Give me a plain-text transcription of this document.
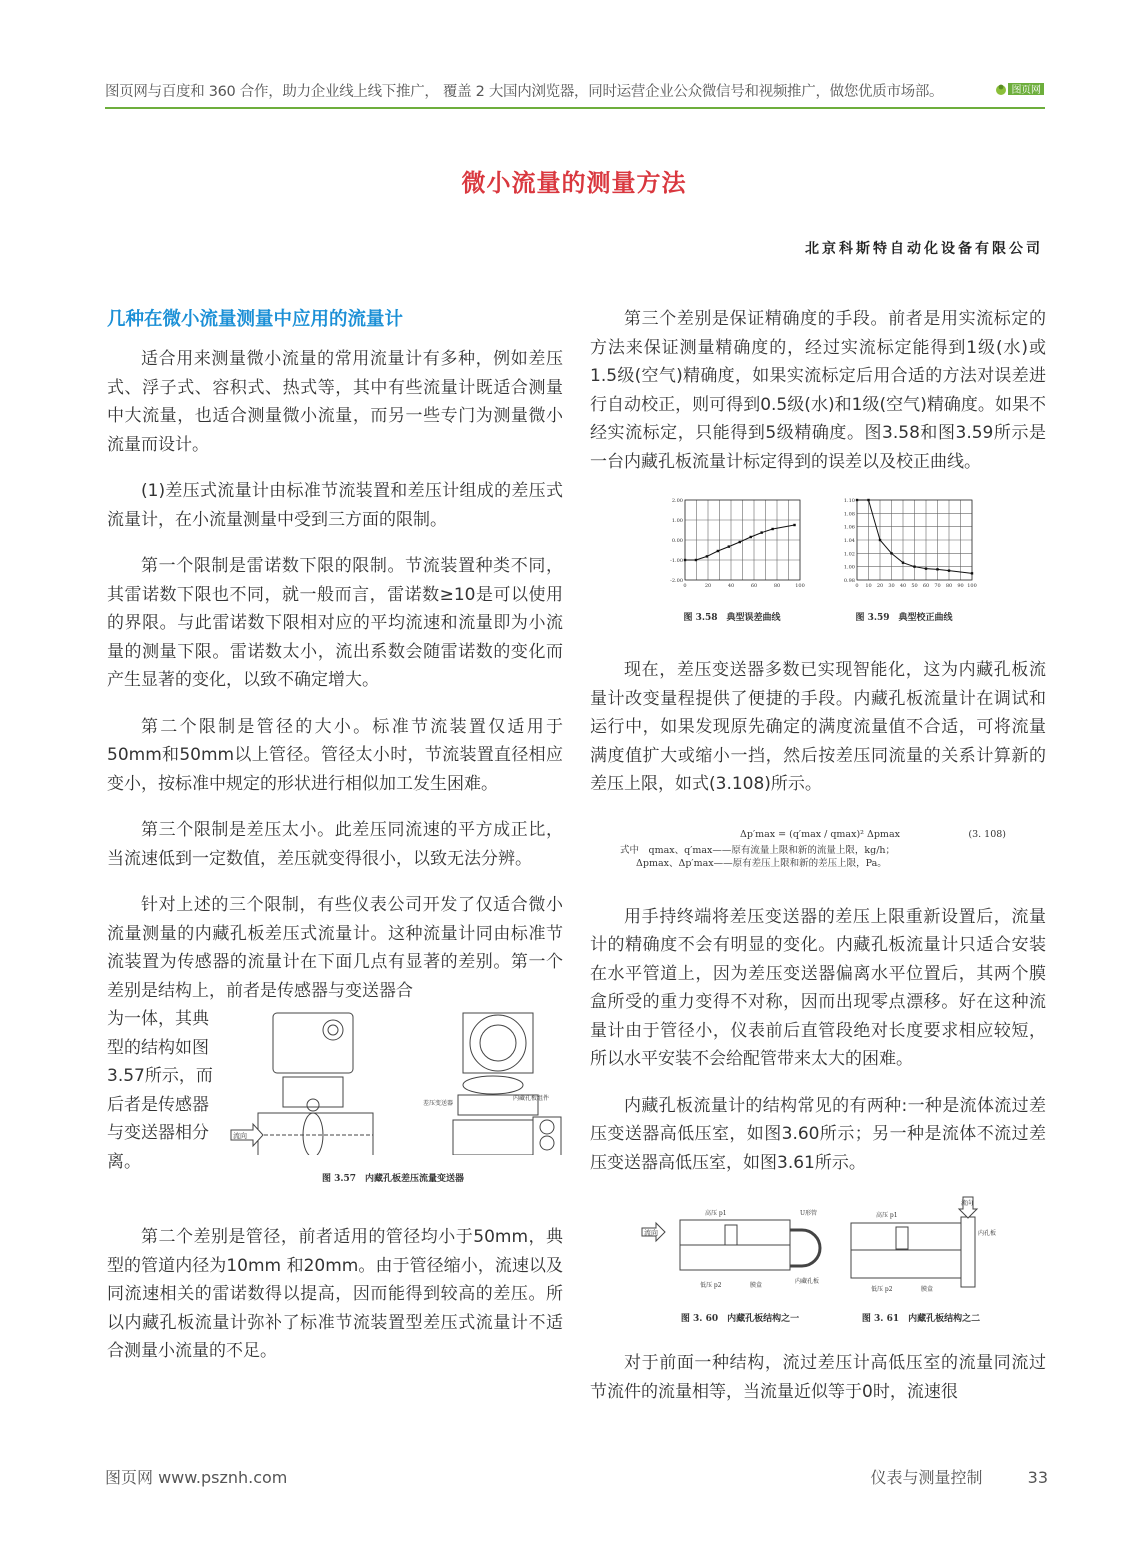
图页网与百度和 360 合作，助力企业线上线下推广， 覆盖 2 大国内浏览器，同时运营企业公众微信号和视频推广，做您优质市场部。	图页网
微小流量的测量方法
北京科斯特自动化设备有限公司
几种在微小流量测量中应用的流量计

适合用来测量微小流量的常用流量计有多种，例如差压式、浮子式、容积式、热式等，其中有些流量计既适合测量中大流量，也适合测量微小流量，而另一些专门为测量微小流量而设计。

(1)差压式流量计由标准节流装置和差压计组成的差压式流量计，在小流量测量中受到三方面的限制。

第一个限制是雷诺数下限的限制。节流装置种类不同，其雷诺数下限也不同，就一般而言，雷诺数≥10是可以使用的界限。与此雷诺数下限相对应的平均流速和流量即为小流量的测量下限。雷诺数太小，流出系数会随雷诺数的变化而产生显著的变化，以致不确定增大。

第二个限制是管径的大小。标准节流装置仅适用于50mm和50mm以上管径。管径太小时，节流装置直径相应变小，按标准中规定的形状进行相似加工发生困难。

第三个限制是差压太小。此差压同流速的平方成正比，当流速低到一定数值，差压就变得很小，以致无法分辨。

针对上述的三个限制，有些仪表公司开发了仅适合微小流量测量的内藏孔板差压式流量计。这种流量计同由标准节流装置为传感器的流量计在下面几点有显著的差别。第一个差别是结构上，前者是传感器与变送器合

为一体，其典型的结构如图3.57所示，而后者是传感器与变送器相分离。
流向
差压变送器
内藏孔板组件
图 3.57　内藏孔板差压流量变送器

第二个差别是管径，前者适用的管径均小于50mm，典型的管道内径为10mm 和20mm。由于管径缩小，流速以及同流速相关的雷诺数得以提高，因而能得到较高的差压。所以内藏孔板流量计弥补了标准节流装置型差压式流量计不适合测量小流量的不足。

第三个差别是保证精确度的手段。前者是用实流标定的方法来保证测量精确度的，经过实流标定能得到1级(水)或1.5级(空气)精确度，如果实流标定后用合适的方法对误差进行自动校正，则可得到0.5级(水)和1级(空气)精确度。如果不经实流标定，只能得到5级精确度。图3.58和图3.59所示是一台内藏孔板流量计标定得到的误差以及校正曲线。

2.00
1.00
0.00
-1.00
-2.00
0	20	40	60	80	100
图 3.58　典型误差曲线
1.10
1.08
1.06
1.04
1.02
1.00
0.98
0 10 20 30 40 50 60 70 80 90 100
图 3.59　典型校正曲线

现在，差压变送器多数已实现智能化，这为内藏孔板流量计改变量程提供了便捷的手段。内藏孔板流量计在调试和运行中，如果发现原先确定的满度流量值不合适，可将流量满度值扩大或缩小一挡，然后按差压同流量的关系计算新的差压上限，如式(3.108)所示。

Δp′max = (q′max / qmax)² Δpmax	(3. 108)
式中　qmax、q′max——原有流量上限和新的流量上限，kg/h；
Δpmax、Δp′max——原有差压上限和新的差压上限，Pa。

用手持终端将差压变送器的差压上限重新设置后，流量计的精确度不会有明显的变化。内藏孔板流量计只适合安装在水平管道上，因为差压变送器偏离水平位置后，其两个膜盒所受的重力变得不对称，因而出现零点漂移。好在这种流量计由于管径小，仪表前后直管段绝对长度要求相应较短，所以水平安装不会给配管带来太大的困难。

内藏孔板流量计的结构常见的有两种:一种是流体流过差压变送器高低压室，如图3.60所示；另一种是流体不流过差压变送器高低压室，如图3.61所示。

流向
高压 p1
低压 p2
U形管
膜盒
内藏孔板
图 3. 60　内藏孔板结构之一
流向
高压 p1
低压 p2	膜盒
内孔板
图 3. 61　内藏孔板结构之二

对于前面一种结构，流过差压计高低压室的流量同流过节流件的流量相等，当流量近似等于0时，流速很

图页网 www.psznh.com	仪表与测量控制	33
